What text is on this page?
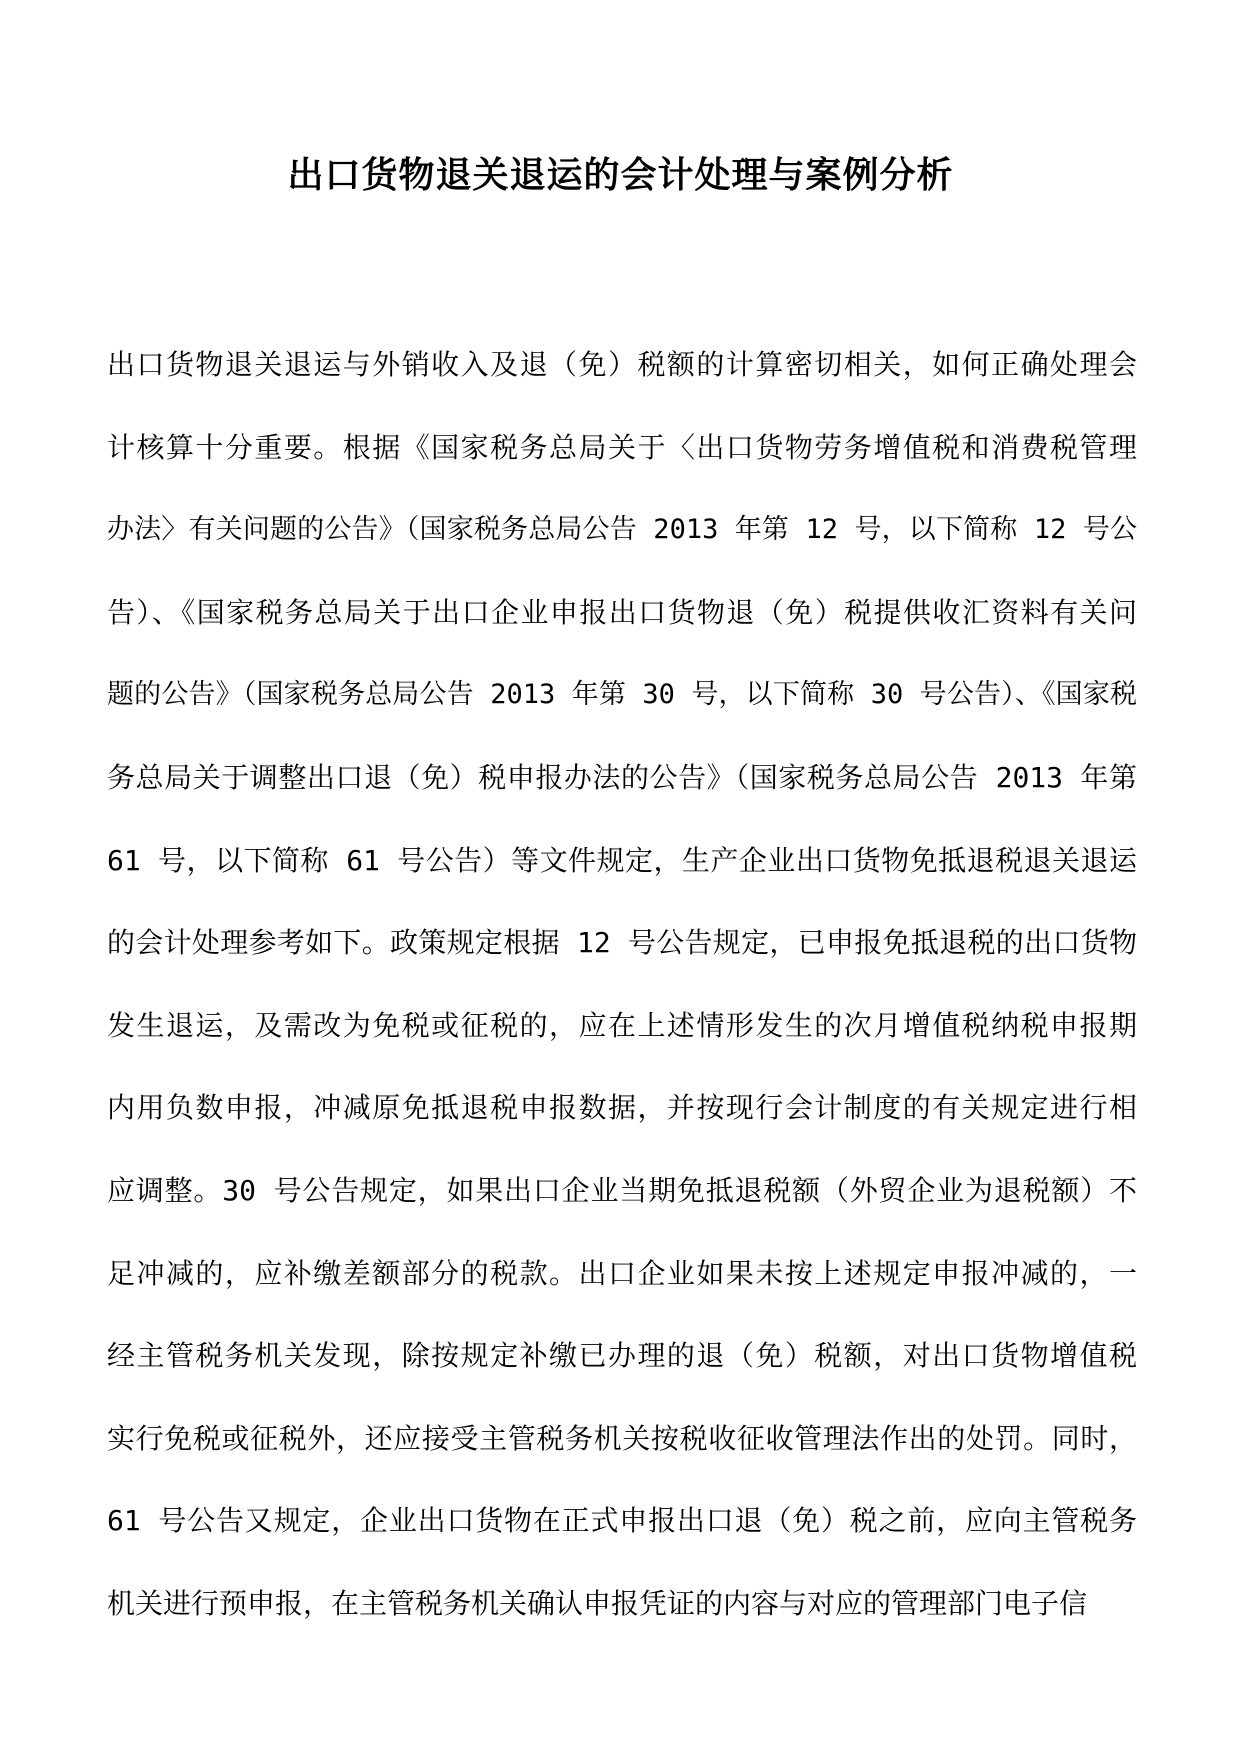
出口货物退关退运的会计处理与案例分析
出口货物退关退运与外销收入及退（免）税额的计算密切相关，如何正确处理会
计核算十分重要。根据《国家税务总局关于〈出口货物劳务增值税和消费税管理
办法〉有关问题的公告》（国家税务总局公告 2013 年第 12 号，以下简称 12 号公
告）、《国家税务总局关于出口企业申报出口货物退（免）税提供收汇资料有关问
题的公告》（国家税务总局公告 2013 年第 30 号，以下简称 30 号公告）、《国家税
务总局关于调整出口退（免）税申报办法的公告》（国家税务总局公告 2013 年第
61 号，以下简称 61 号公告）等文件规定，生产企业出口货物免抵退税退关退运
的会计处理参考如下。政策规定根据 12 号公告规定，已申报免抵退税的出口货物
发生退运，及需改为免税或征税的，应在上述情形发生的次月增值税纳税申报期
内用负数申报，冲减原免抵退税申报数据，并按现行会计制度的有关规定进行相
应调整。30 号公告规定，如果出口企业当期免抵退税额（外贸企业为退税额）不
足冲减的，应补缴差额部分的税款。出口企业如果未按上述规定申报冲减的，一
经主管税务机关发现，除按规定补缴已办理的退（免）税额，对出口货物增值税
实行免税或征税外，还应接受主管税务机关按税收征收管理法作出的处罚。同时，
61 号公告又规定，企业出口货物在正式申报出口退（免）税之前，应向主管税务
机关进行预申报，在主管税务机关确认申报凭证的内容与对应的管理部门电子信
